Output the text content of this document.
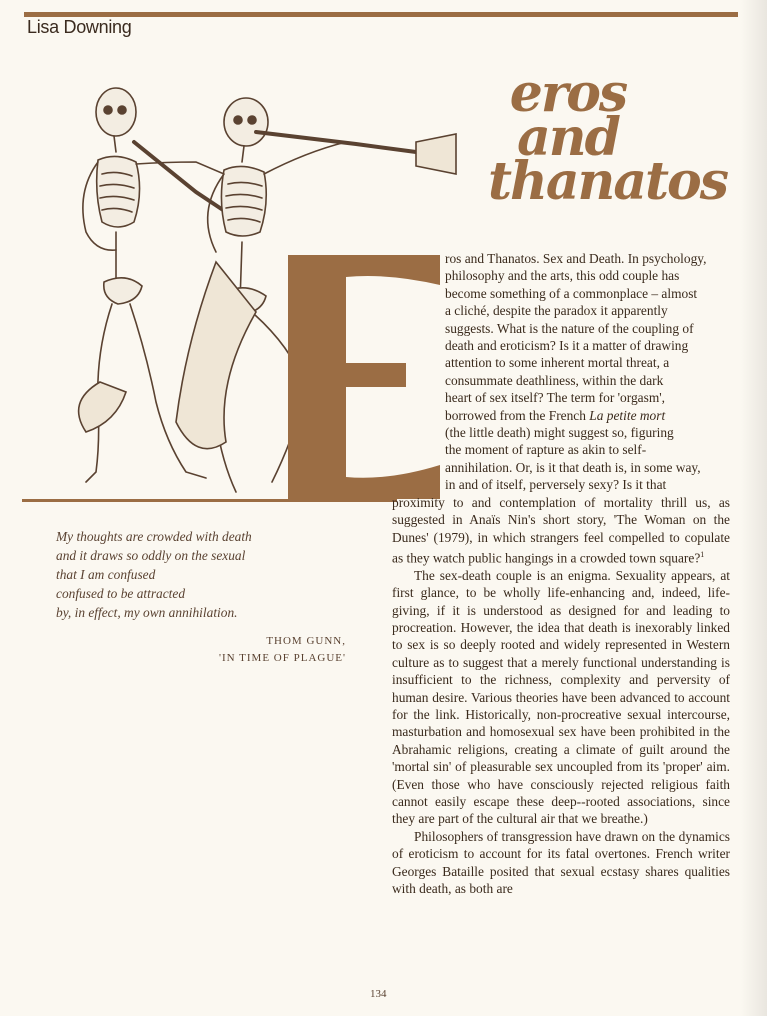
Lisa Downing
eros
and
thanatos
ros and Thanatos. Sex and Death. In psychology,
philosophy and the arts, this odd couple has
become something of a commonplace – almost
a cliché, despite the paradox it apparently
suggests. What is the nature of the coupling of
death and eroticism? Is it a matter of drawing
attention to some inherent mortal threat, a
consummate deathliness, within the dark
heart of sex itself? The term for 'orgasm',
borrowed from the French La petite mort
(the little death) might suggest so, figuring
the moment of rapture as akin to self-
annihilation. Or, is it that death is, in some way,
in and of itself, perversely sexy? Is it that

proximity to and contemplation of mortality thrill us, as suggested in Anaïs Nin's short story, 'The Woman on the Dunes' (1979), in which strangers feel compelled to copulate as they watch public hangings in a crowded town square?$^1$

The sex-death couple is an enigma. Sexuality appears, at first glance, to be wholly life-enhancing and, indeed, life-giving, if it is understood as designed for and leading to procreation. However, the idea that death is inexorably linked to sex is so deeply rooted and widely represented in Western culture as to suggest that a merely functional understanding is insufficient to the richness, complexity and perversity of human desire. Various theories have been advanced to account for the link. Historically, non-procreative sexual intercourse, masturbation and homosexual sex have been prohibited in the Abrahamic religions, creating a climate of guilt around the 'mortal sin' of pleasurable sex uncoupled from its 'proper' aim. (Even those who have consciously rejected religious faith cannot easily escape these deep--rooted associations, since they are part of the cultural air that we breathe.)

Philosophers of transgression have drawn on the dynamics of eroticism to account for its fatal overtones. French writer Georges Bataille posited that sexual ecstasy shares qualities with death, as both are

My thoughts are crowded with death
and it draws so oddly on the sexual
that I am confused
confused to be attracted
by, in effect, my own annihilation.
THOM GUNN,
'IN TIME OF PLAGUE'
134
